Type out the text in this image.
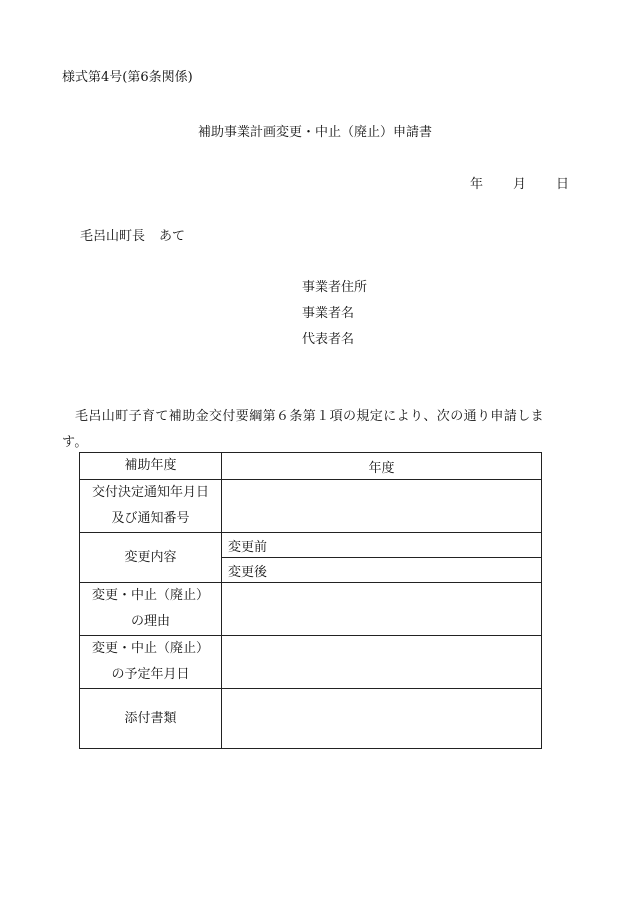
様式第4号(第6条関係)
補助事業計画変更・中止（廃止）申請書
年 月 日
毛呂山町長 あて
事業者住所
事業者名
代表者名
毛呂山町子育て補助金交付要綱第６条第１項の規定により、次の通り申請します。
補助年度	年度

交付決定通知年月日
及び通知番号	

変更内容	変更前
	変更後

変更・中止（廃止）
の理由	

変更・中止（廃止）
の予定年月日	

添付書類	
